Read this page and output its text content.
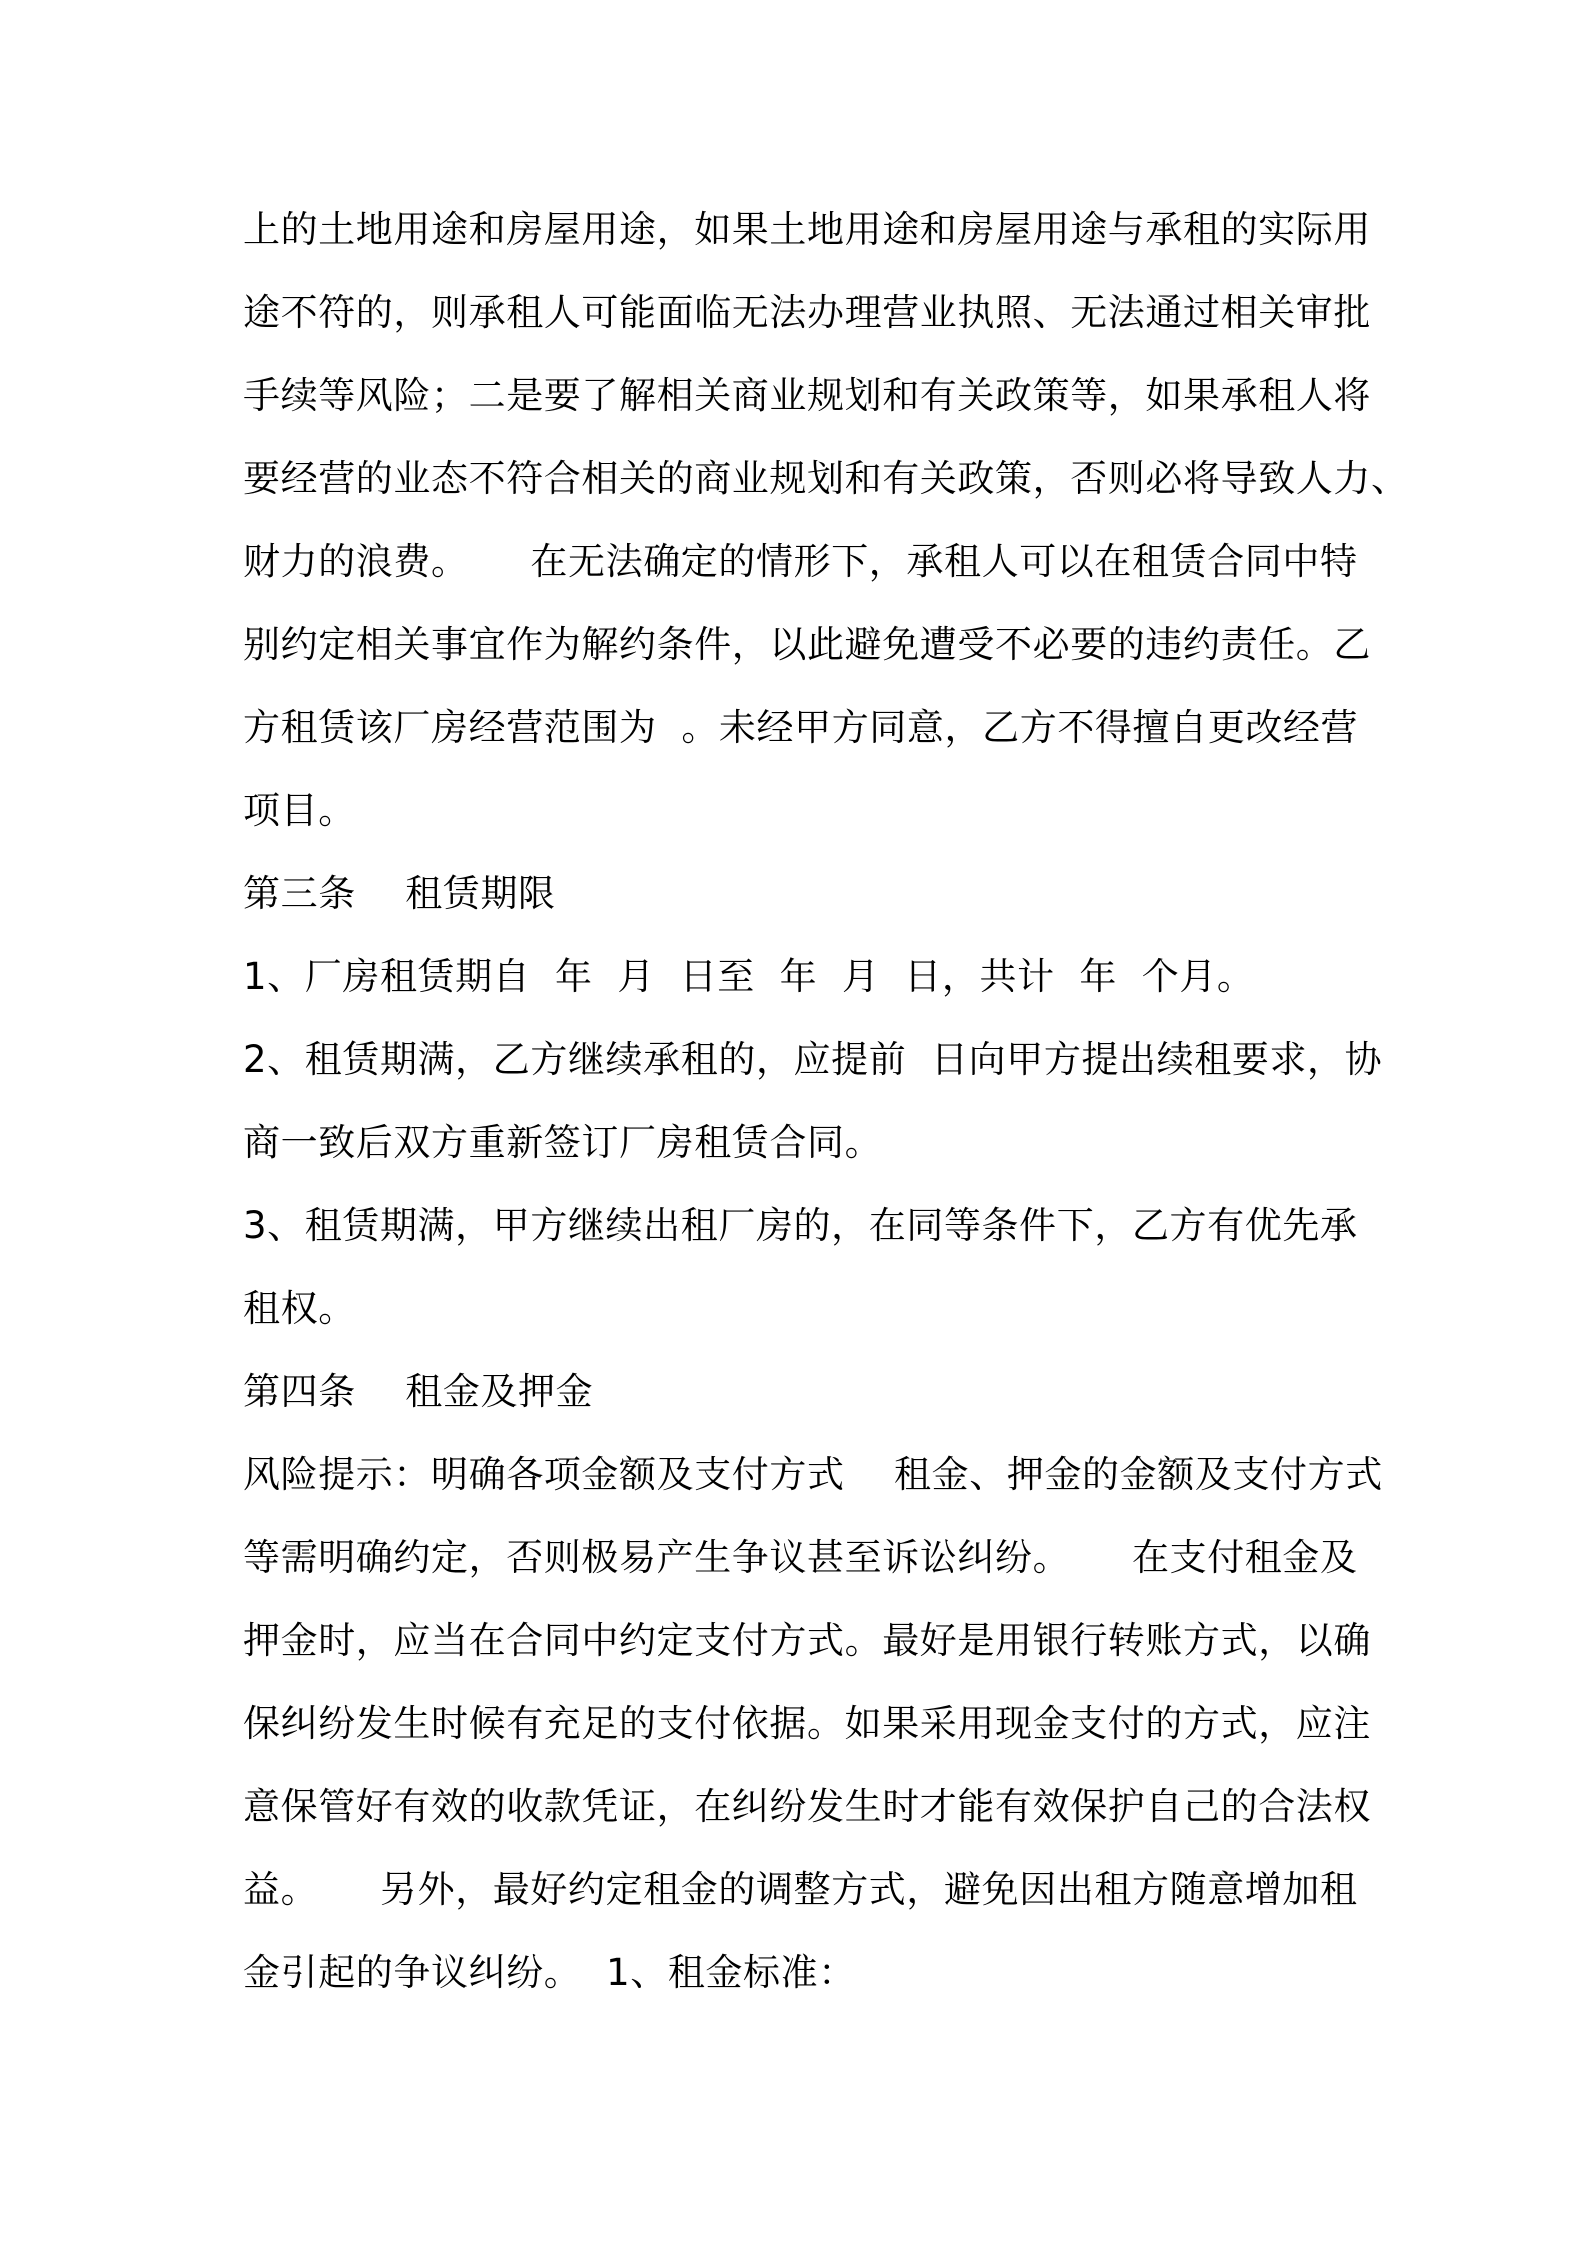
上的土地用途和房屋用途，如果土地用途和房屋用途与承租的实际用
途不符的，则承租人可能面临无法办理营业执照、无法通过相关审批
手续等风险；二是要了解相关商业规划和有关政策等，如果承租人将
要经营的业态不符合相关的商业规划和有关政策，否则必将导致人力、
财力的浪费。     在无法确定的情形下，承租人可以在租赁合同中特
别约定相关事宜作为解约条件，以此避免遭受不必要的违约责任。乙
方租赁该厂房经营范围为  。未经甲方同意，乙方不得擅自更改经营
项目。
第三条    租赁期限
1、厂房租赁期自  年  月  日至  年  月  日，共计  年  个月。
2、租赁期满，乙方继续承租的，应提前  日向甲方提出续租要求，协
商一致后双方重新签订厂房租赁合同。
3、租赁期满，甲方继续出租厂房的，在同等条件下，乙方有优先承
租权。
第四条    租金及押金
风险提示：明确各项金额及支付方式    租金、押金的金额及支付方式
等需明确约定，否则极易产生争议甚至诉讼纠纷。     在支付租金及
押金时，应当在合同中约定支付方式。最好是用银行转账方式，以确
保纠纷发生时候有充足的支付依据。如果采用现金支付的方式，应注
意保管好有效的收款凭证，在纠纷发生时才能有效保护自己的合法权
益。     另外，最好约定租金的调整方式，避免因出租方随意增加租
金引起的争议纠纷。  1、租金标准：
